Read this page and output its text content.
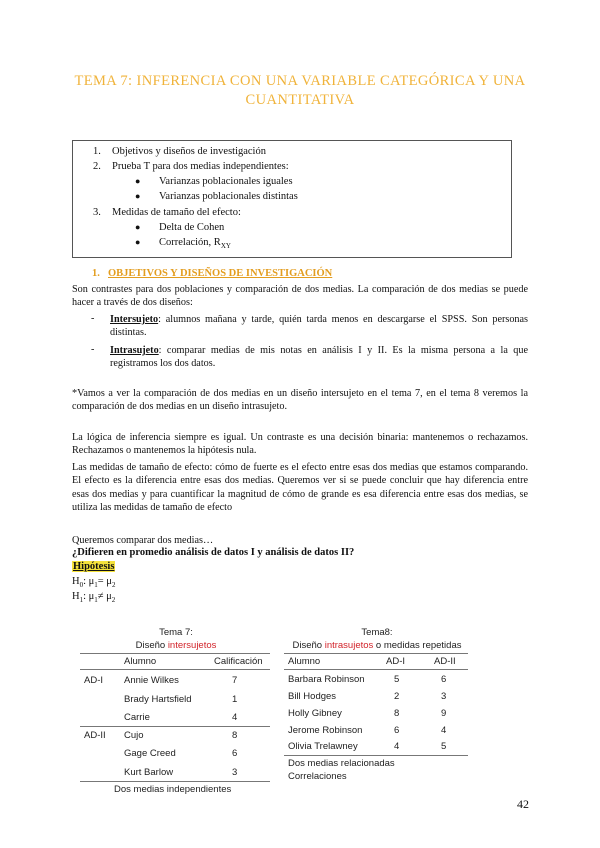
TEMA 7: INFERENCIA CON UNA VARIABLE CATEGÓRICA Y UNA
CUANTITATIVA
1. Objetivos y diseños de investigación
2. Prueba T para dos medias independientes:
● Varianzas poblacionales iguales
● Varianzas poblacionales distintas
3. Medidas de tamaño del efecto:
● Delta de Cohen
● Correlación, $R_{XY}$
1. OBJETIVOS Y DISEÑOS DE INVESTIGACIÓN
Son contrastes para dos poblaciones y comparación de dos medias. La comparación de dos medias se puede hacer a través de dos diseños:
- Intersujeto: alumnos mañana y tarde, quién tarda menos en descargarse el SPSS. Son personas distintas.
- Intrasujeto: comparar medias de mis notas en análisis I y II. Es la misma persona a la que registramos los dos datos.
*Vamos a ver la comparación de dos medias en un diseño intersujeto en el tema 7, en el tema 8 veremos la comparación de dos medias en un diseño intrasujeto.
La lógica de inferencia siempre es igual. Un contraste es una decisión binaria: mantenemos o rechazamos. Rechazamos o mantenemos la hipótesis nula.
Las medidas de tamaño de efecto: cómo de fuerte es el efecto entre esas dos medias que estamos comparando. El efecto es la diferencia entre esas dos medias. Queremos ver si se puede concluir que hay diferencia entre esas dos medias y para cuantificar la magnitud de cómo de grande es esa diferencia entre esas dos medias, se utiliza las medidas de tamaño de efecto
Queremos comparar dos medias…
¿Difieren en promedio análisis de datos I y análisis de datos II?
Hipótesis
$H_0$: $\mu_1= \mu_2$
$H_1$: $\mu_1\ne \mu_2$
Tema 7:
Diseño intersujetos
Alumno	Calificación
AD-I Annie Wilkes	7
Brady Hartsfield	1
Carrie	4
AD-II Cujo	8
Gage Creed	6
Kurt Barlow	3
Dos medias independientes
Tema8:
Diseño intrasujetos o medidas repetidas
Alumno	AD-I	AD-II
Barbara Robinson	5	6
Bill Hodges	2	3
Holly Gibney	8	9
Jerome Robinson	6	4
Olivia Trelawney	4	5
Dos medias relacionadas
Correlaciones
42
